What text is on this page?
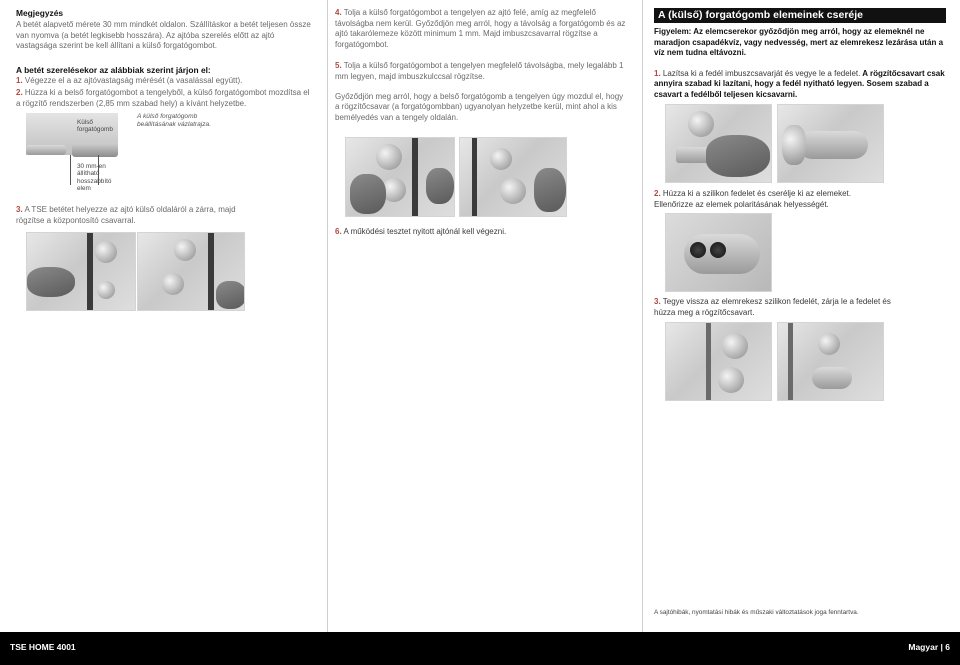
Megjegyzés
A betét alapvető mérete 30 mm mindkét oldalon. Szállításkor a betét teljesen össze van nyomva (a betét legkisebb hosszára). Az ajtóba szerelés előtt az ajtó vastagsága szerint be kell állítani a külső forgatógombot.
A betét szerelésekor az alábbiak szerint járjon el:
1. Végezze el a az ajtóvastagság mérését (a vasalással együtt).
2. Húzza ki a belső forgatógombot a tengelyből, a külső forgatógombot mozdítsa el a rögzítő rendszerben (2,85 mm szabad hely) a kívánt helyzetbe.
Külső forgatógomb
A külső forgatógomb beállításának vázlatrajza.
30 mm-en állítható hosszabbító elem
3. A TSE betétet helyezze az ajtó külső oldaláról a zárra, majd rögzítse a központosító csavarral.
4. Tolja a külső forgatógombot a tengelyen az ajtó felé, amíg az megfelelő távolságba nem kerül. Győződjön meg arról, hogy a távolság a forgatógomb és az ajtó takarólemeze között minimum 1 mm. Majd imbuszcsavarral rögzítse a forgatógombot.
5. Tolja a külső forgatógombot a tengelyen megfelelő távolságba, mely legalább 1 mm legyen, majd imbuszkulccsal rögzítse.
Győződjön meg arról, hogy a belső forgatógomb a tengelyen úgy mozdul el, hogy a rögzítőcsavar (a forgatógombban) ugyanolyan helyzetbe kerül, mint ahol a kis bemélyedés van a tengely oldalán.
6. A működési tesztet nyitott ajtónál kell végezni.
A (külső) forgatógomb elemeinek cseréje
Figyelem: Az elemcserekor győződjön meg arról, hogy az elemeknél ne maradjon csapadékvíz, vagy nedvesség, mert az elemrekesz lezárása után a víz nem tudna eltávozni.
1. Lazítsa ki a fedél imbuszcsavarját és vegye le a fedelet. A rögzítőcsavart csak annyira szabad ki lazítani, hogy a fedél nyitható legyen. Sosem szabad a csavart a fedélből teljesen kicsavarni.
2. Húzza ki a szilikon fedelet és cserélje ki az elemeket. Ellenőrizze az elemek polaritásának helyességét.
3. Tegye vissza az elemrekesz szilikon fedelét, zárja le a fedelet és húzza meg a rögzítőcsavart.
A sajtóhibák, nyomtatási hibák és műszaki változtatások joga fenntartva.
TSE HOME 4001	Magyar | 6
